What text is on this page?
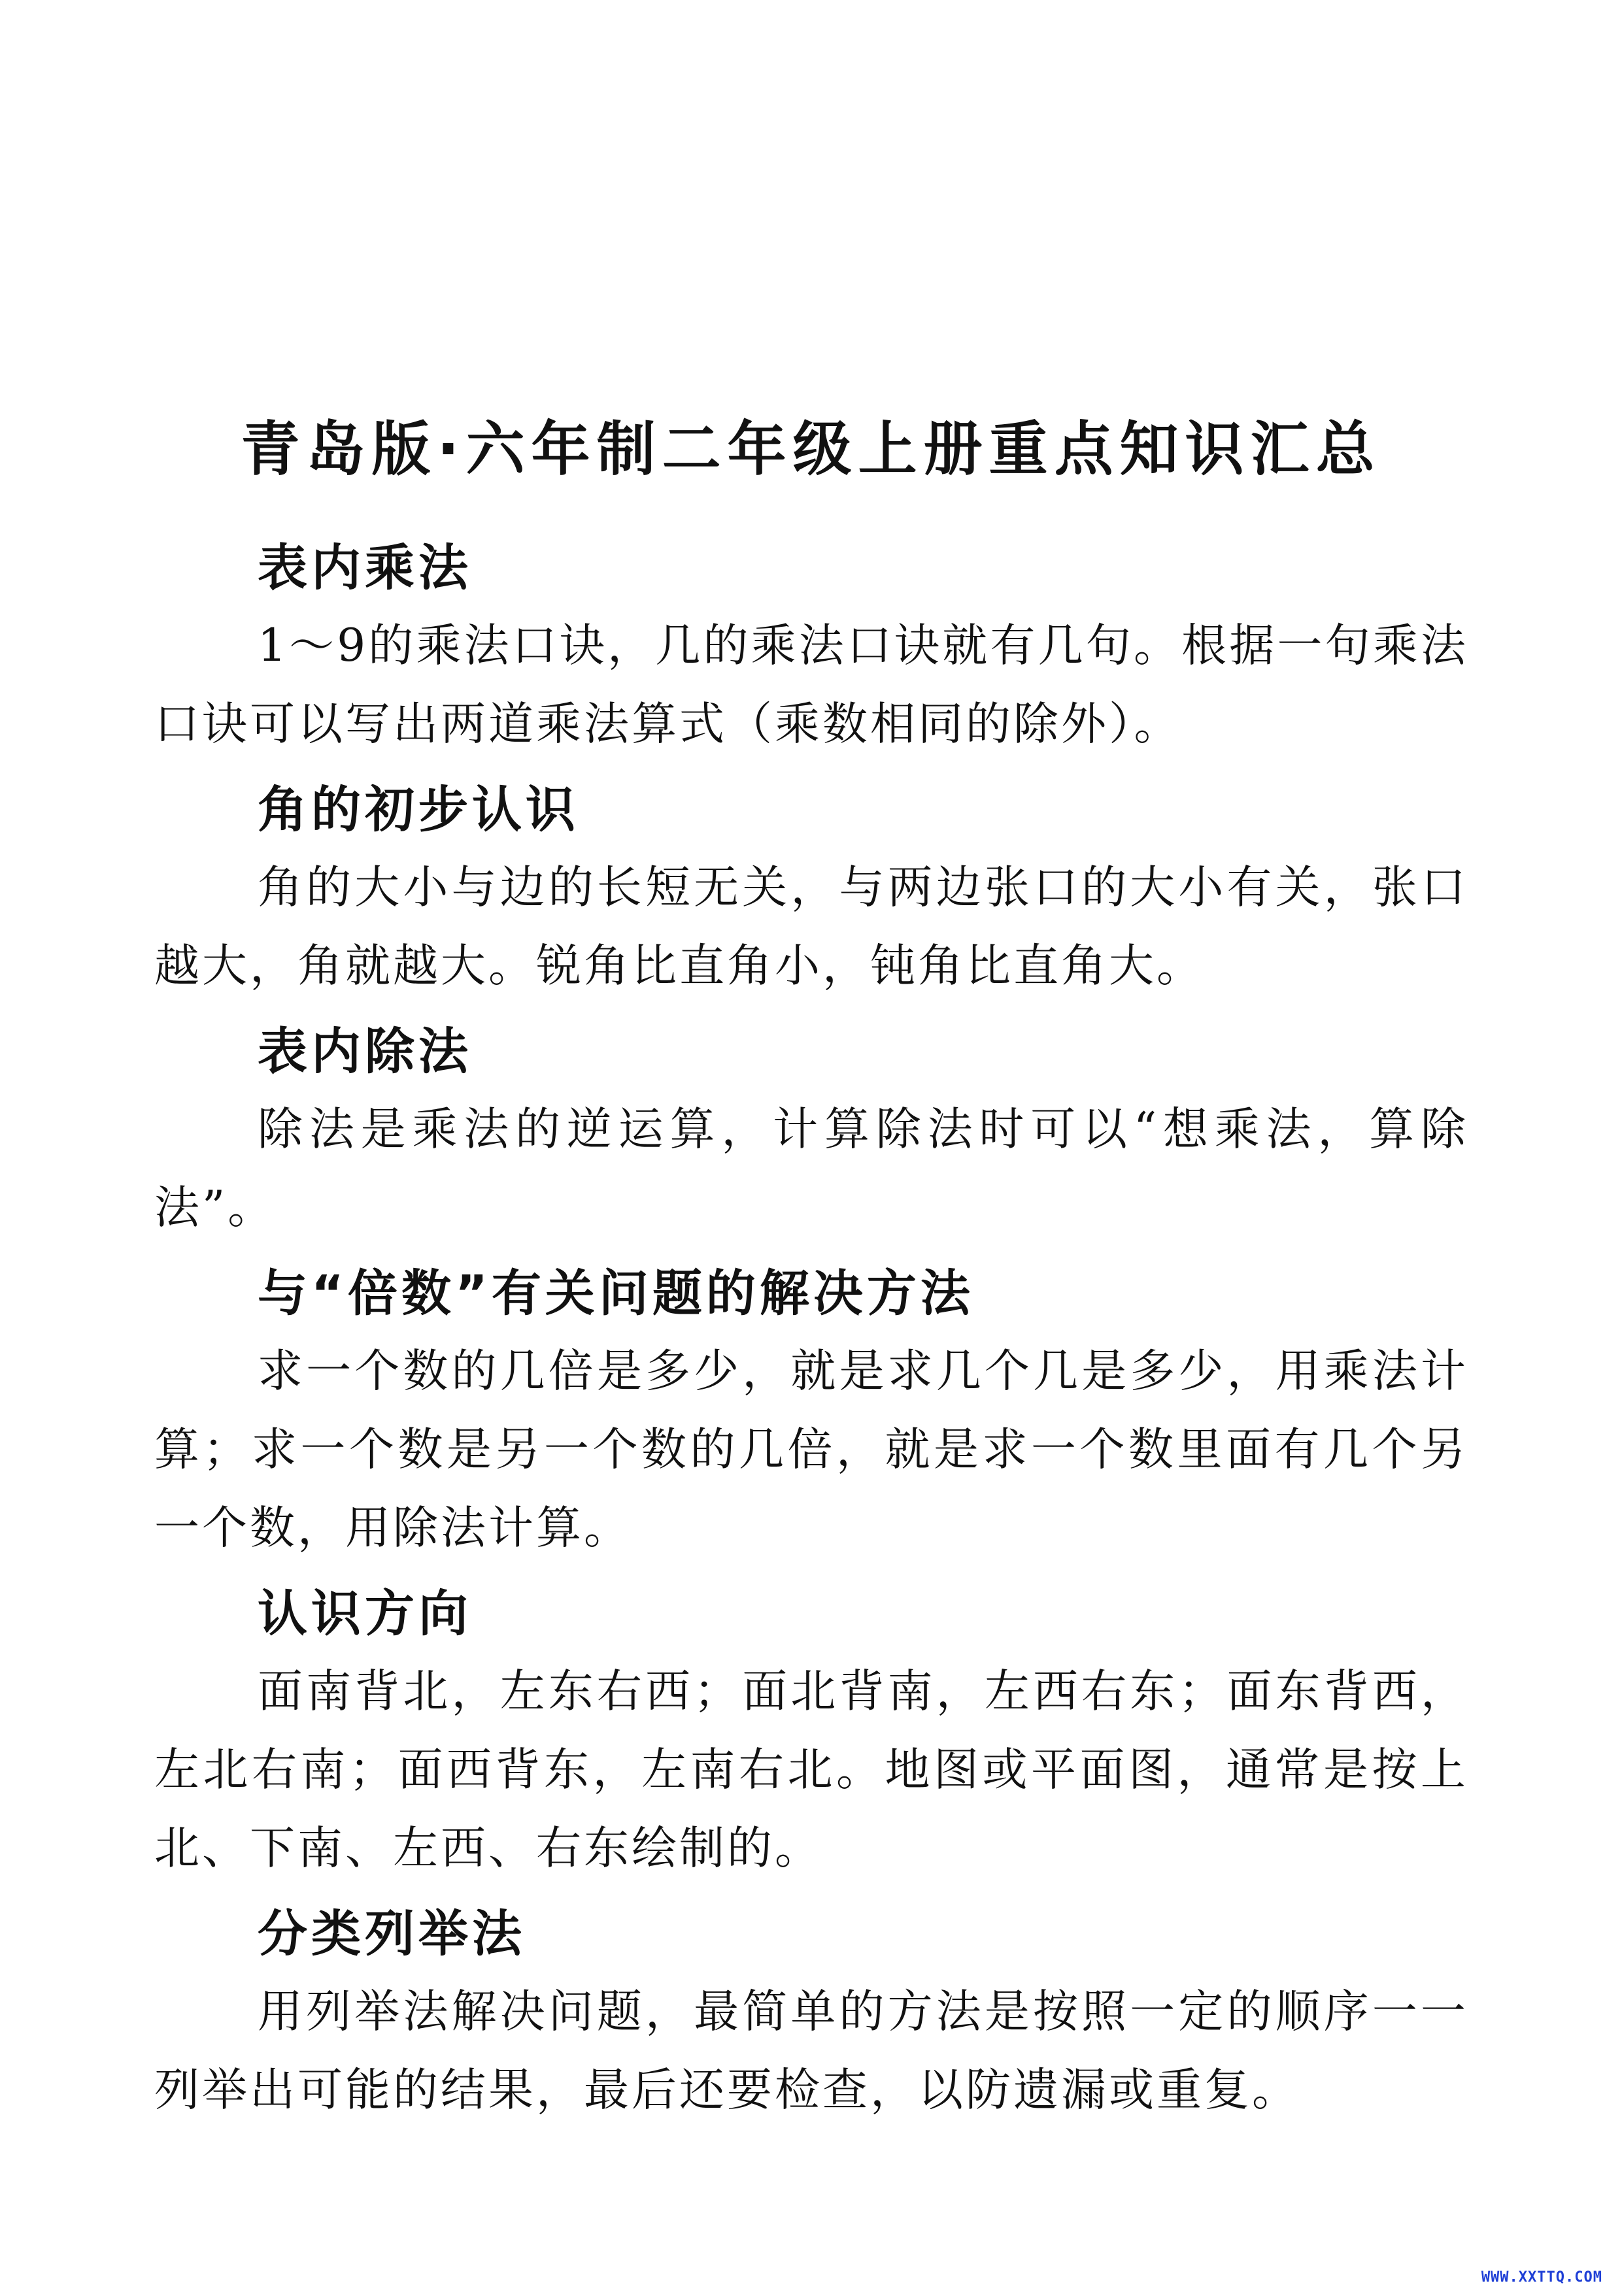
青岛版·六年制二年级上册重点知识汇总
表内乘法

1～9的乘法口诀，几的乘法口诀就有几句。根据一句乘法口诀可以写出两道乘法算式（乘数相同的除外）。

角的初步认识

角的大小与边的长短无关，与两边张口的大小有关，张口越大，角就越大。锐角比直角小，钝角比直角大。

表内除法

除法是乘法的逆运算，计算除法时可以“想乘法，算除法”。

与“倍数”有关问题的解决方法

求一个数的几倍是多少，就是求几个几是多少，用乘法计算；求一个数是另一个数的几倍，就是求一个数里面有几个另一个数，用除法计算。

认识方向

面南背北，左东右西；面北背南，左西右东；面东背西，左北右南；面西背东，左南右北。地图或平面图，通常是按上北、下南、左西、右东绘制的。

分类列举法

用列举法解决问题，最简单的方法是按照一定的顺序一一列举出可能的结果，最后还要检查，以防遗漏或重复。

WWW.XXTTQ.COM
